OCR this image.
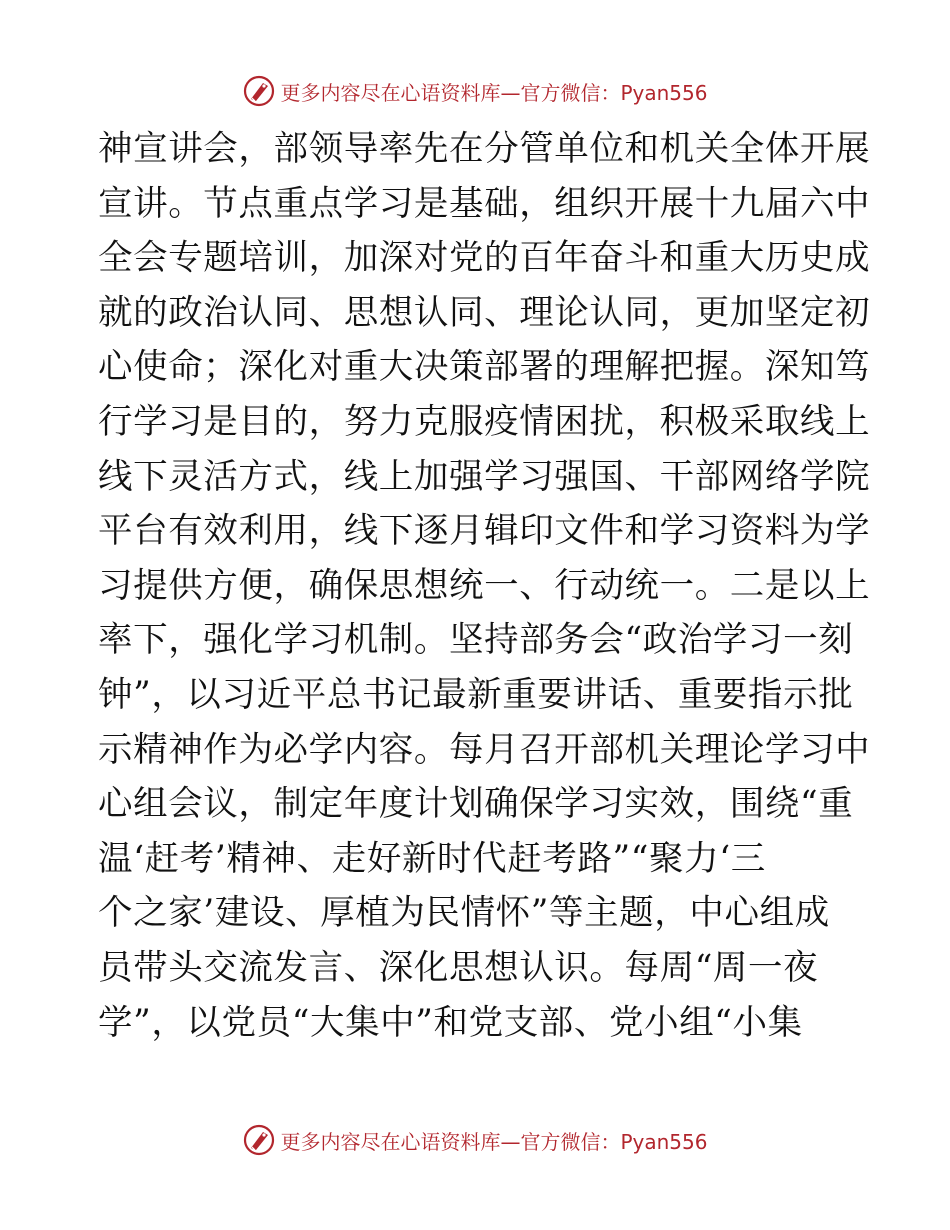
更多内容尽在心语资料库—官方微信：Pyan556
神宣讲会，部领导率先在分管单位和机关全体开展
宣讲。节点重点学习是基础，组织开展十九届六中
全会专题培训，加深对党的百年奋斗和重大历史成
就的政治认同、思想认同、理论认同，更加坚定初
心使命；深化对重大决策部署的理解把握。深知笃
行学习是目的，努力克服疫情困扰，积极采取线上
线下灵活方式，线上加强学习强国、干部网络学院
平台有效利用，线下逐月辑印文件和学习资料为学
习提供方便，确保思想统一、行动统一。二是以上
率下，强化学习机制。坚持部务会“政治学习一刻
钟”，以习近平总书记最新重要讲话、重要指示批
示精神作为必学内容。每月召开部机关理论学习中
心组会议，制定年度计划确保学习实效，围绕“重
温‘赶考’精神、走好新时代赶考路”“聚力‘三
个之家’建设、厚植为民情怀”等主题，中心组成
员带头交流发言、深化思想认识。每周“周一夜
学”，以党员“大集中”和党支部、党小组“小集
更多内容尽在心语资料库—官方微信：Pyan556
